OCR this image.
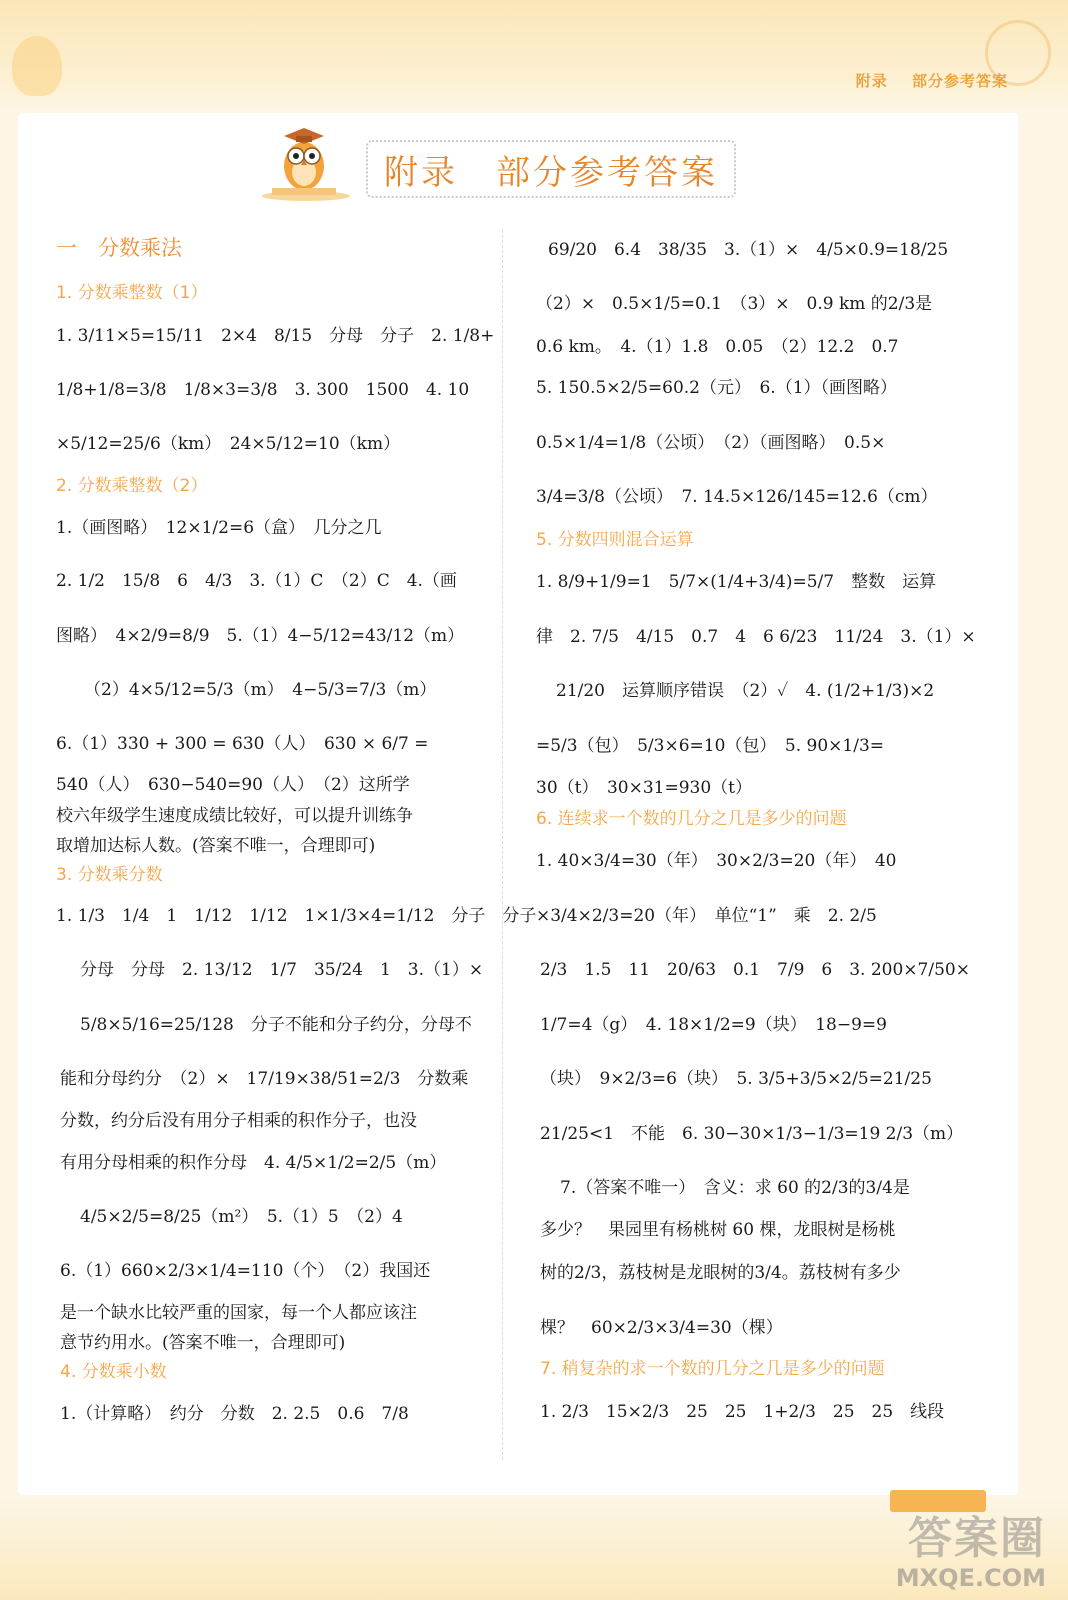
附录 部分参考答案
附录 部分参考答案
一　分数乘法
1. 分数乘整数（1）
1. 3/11×5=15/11　2×4　8/15　分母　分子　2. 1/8+
1/8+1/8=3/8　1/8×3=3/8　3. 300　1500　4. 10
×5/12=25/6（km）　24×5/12=10（km）
2. 分数乘整数（2）
1.（画图略）　12×1/2=6（盒）　几分之几
2. 1/2　15/8　6　4/3　3.（1）C　（2）C　4.（画
图略）　4×2/9=8/9　5.（1）4−5/12=43/12（m）
（2）4×5/12=5/3（m）　4−5/3=7/3（m）
6.（1）330 + 300 = 630（人）　630 × 6/7 =
540（人）　630−540=90（人）　（2）这所学
校六年级学生速度成绩比较好，可以提升训练争
取增加达标人数。(答案不唯一，合理即可)
3. 分数乘分数
1. 1/3　1/4　1　1/12　1/12　1×1/3×4=1/12　分子　分子
分母　分母　2. 13/12　1/7　35/24　1　3.（1）×
5/8×5/16=25/128　分子不能和分子约分，分母不
能和分母约分　（2）×　17/19×38/51=2/3　分数乘
分数，约分后没有用分子相乘的积作分子，也没
有用分母相乘的积作分母　4. 4/5×1/2=2/5（m）
4/5×2/5=8/25（m²）　5.（1）5　（2）4
6.（1）660×2/3×1/4=110（个）　（2）我国还
是一个缺水比较严重的国家，每一个人都应该注
意节约用水。(答案不唯一，合理即可)
4. 分数乘小数
1.（计算略）　约分　分数　2. 2.5　0.6　7/8
69/20　6.4　38/35　3.（1）×　4/5×0.9=18/25
（2）×　0.5×1/5=0.1　（3）×　0.9 km 的2/3是
0.6 km。　4.（1）1.8　0.05　（2）12.2　0.7
5. 150.5×2/5=60.2（元）　6.（1）（画图略）
0.5×1/4=1/8（公顷）　（2）（画图略）　0.5×
3/4=3/8（公顷）　7. 14.5×126/145=12.6（cm）
5. 分数四则混合运算
1. 8/9+1/9=1　5/7×(1/4+3/4)=5/7　整数　运算
律　2. 7/5　4/15　0.7　4　6 6/23　11/24　3.（1）×
21/20　运算顺序错误　（2）✓　4. (1/2+1/3)×2
=5/3（包）　5/3×6=10（包）　5. 90×1/3=
30（t）　30×31=930（t）
6. 连续求一个数的几分之几是多少的问题
1. 40×3/4=30（年）　30×2/3=20（年）　40
×3/4×2/3=20（年）　单位“1”　乘　2. 2/5
2/3　1.5　11　20/63　0.1　7/9　6　3. 200×7/50×
1/7=4（g）　4. 18×1/2=9（块）　18−9=9
（块）　9×2/3=6（块）　5. 3/5+3/5×2/5=21/25
21/25<1　不能　6. 30−30×1/3−1/3=19 2/3（m）
7.（答案不唯一）　含义：求 60 的2/3的3/4是
多少？　果园里有杨桃树 60 棵，龙眼树是杨桃
树的2/3，荔枝树是龙眼树的3/4。荔枝树有多少
棵？　60×2/3×3/4=30（棵）
7. 稍复杂的求一个数的几分之几是多少的问题
1. 2/3　15×2/3　25　25　1+2/3　25　25　线段
答案圈
MXQE.COM
